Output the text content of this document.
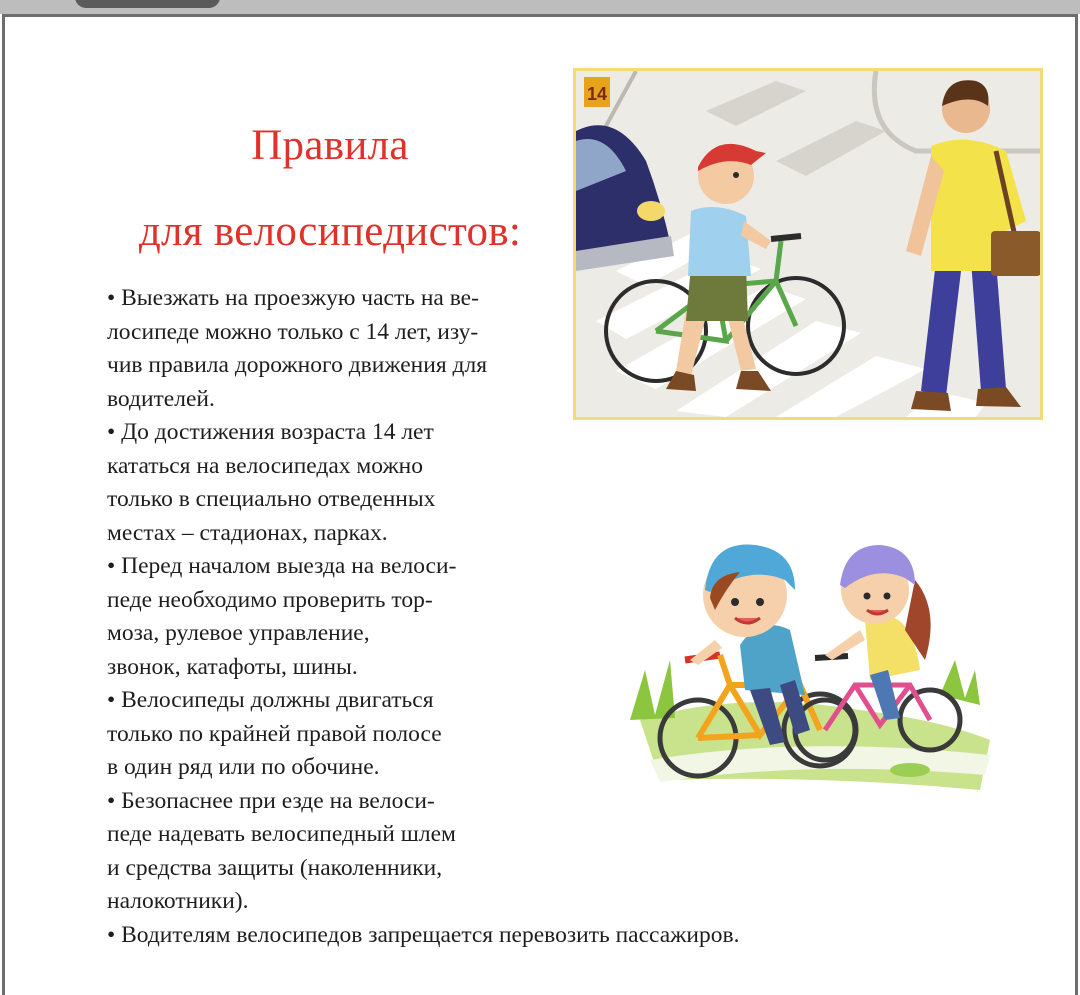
Правила
для велосипедистов:
• Выезжать на проезжую часть на ве-
лосипеде можно только с 14 лет, изу-
чив правила дорожного движения для
водителей.
• До достижения возраста 14 лет
кататься на велосипедах можно
только в специально отведенных
местах – стадионах, парках.
• Перед началом выезда на велоси-
педе необходимо проверить тор-
моза, рулевое управление,
звонок, катафоты, шины.
• Велосипеды должны двигаться
только по крайней правой полосе
в один ряд или по обочине.
• Безопаснее при езде на велоси-
педе надевать велосипедный шлем
и средства защиты (наколенники,
налокотники).
• Водителям велосипедов запрещается перевозить пассажиров.
14
